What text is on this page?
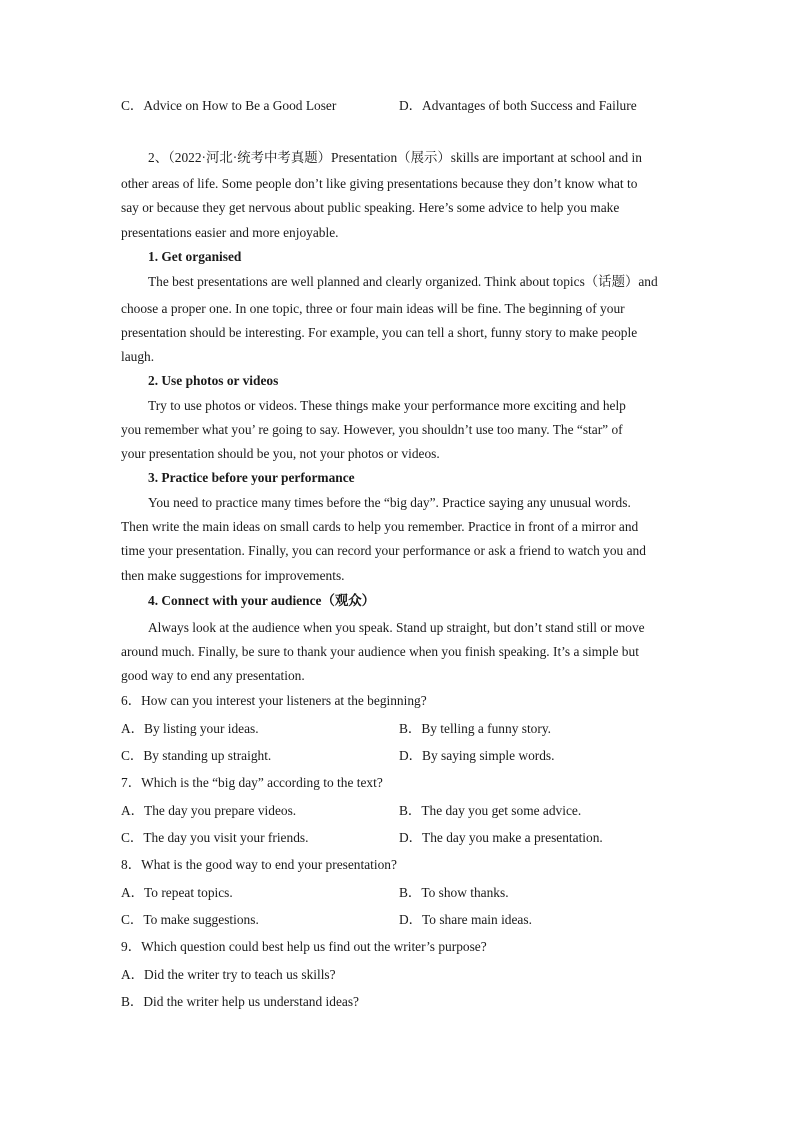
C．Advice on How to Be a Good Loser	D．Advantages of both Success and Failure
2、（2022·河北·统考中考真题）Presentation（展示）skills are important at school and in
other areas of life. Some people don’t like giving presentations because they don’t know what to
say or because they get nervous about public speaking. Here’s some advice to help you make
presentations easier and more enjoyable.
1. Get organised
The best presentations are well planned and clearly organized. Think about topics（话题）and
choose a proper one. In one topic, three or four main ideas will be fine. The beginning of your
presentation should be interesting. For example, you can tell a short, funny story to make people
laugh.
2. Use photos or videos
Try to use photos or videos. These things make your performance more exciting and help
you remember what you’ re going to say. However, you shouldn’t use too many. The “star” of
your presentation should be you, not your photos or videos.
3. Practice before your performance
You need to practice many times before the “big day”. Practice saying any unusual words.
Then write the main ideas on small cards to help you remember. Practice in front of a mirror and
time your presentation. Finally, you can record your performance or ask a friend to watch you and
then make suggestions for improvements.
4. Connect with your audience（观众）
Always look at the audience when you speak. Stand up straight, but don’t stand still or move
around much. Finally, be sure to thank your audience when you finish speaking. It’s a simple but
good way to end any presentation.
6．How can you interest your listeners at the beginning?
A．By listing your ideas.	B．By telling a funny story.
C．By standing up straight.	D．By saying simple words.
7．Which is the “big day” according to the text?
A．The day you prepare videos.	B．The day you get some advice.
C．The day you visit your friends.	D．The day you make a presentation.
8．What is the good way to end your presentation?
A．To repeat topics.	B．To show thanks.
C．To make suggestions.	D．To share main ideas.
9．Which question could best help us find out the writer’s purpose?
A．Did the writer try to teach us skills?
B．Did the writer help us understand ideas?
